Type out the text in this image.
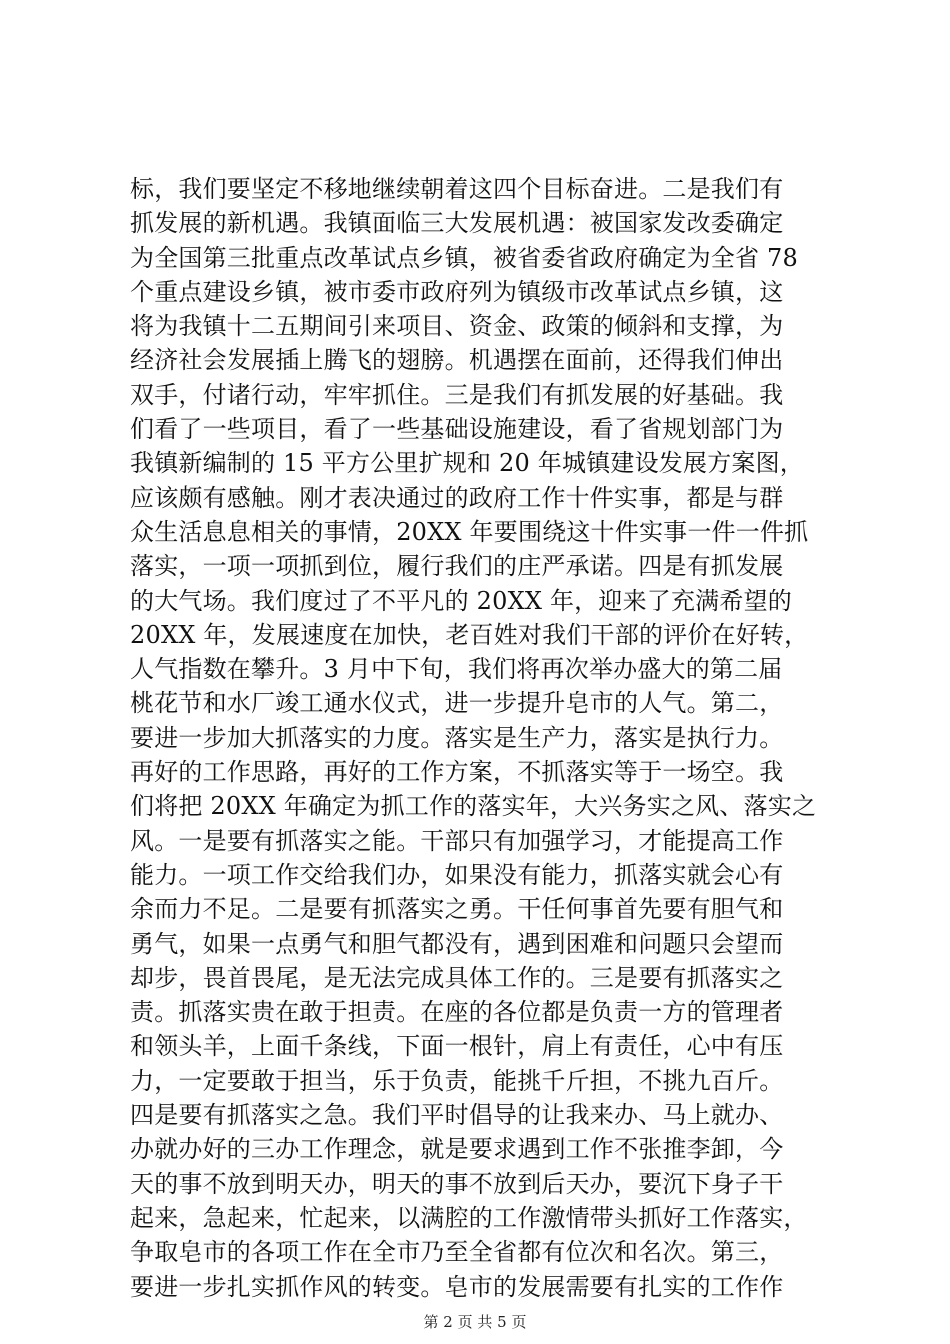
标，我们要坚定不移地继续朝着这四个目标奋进。二是我们有
抓发展的新机遇。我镇面临三大发展机遇：被国家发改委确定
为全国第三批重点改革试点乡镇，被省委省政府确定为全省 78
个重点建设乡镇，被市委市政府列为镇级市改革试点乡镇，这
将为我镇十二五期间引来项目、资金、政策的倾斜和支撑，为
经济社会发展插上腾飞的翅膀。机遇摆在面前，还得我们伸出
双手，付诸行动，牢牢抓住。三是我们有抓发展的好基础。我
们看了一些项目，看了一些基础设施建设，看了省规划部门为
我镇新编制的 15 平方公里扩规和 20 年城镇建设发展方案图，
应该颇有感触。刚才表决通过的政府工作十件实事，都是与群
众生活息息相关的事情，20XX 年要围绕这十件实事一件一件抓
落实，一项一项抓到位，履行我们的庄严承诺。四是有抓发展
的大气场。我们度过了不平凡的 20XX 年，迎来了充满希望的
20XX 年，发展速度在加快，老百姓对我们干部的评价在好转，
人气指数在攀升。3 月中下旬，我们将再次举办盛大的第二届
桃花节和水厂竣工通水仪式，进一步提升皂市的人气。第二，
要进一步加大抓落实的力度。落实是生产力，落实是执行力。
再好的工作思路，再好的工作方案，不抓落实等于一场空。我
们将把 20XX 年确定为抓工作的落实年，大兴务实之风、落实之
风。一是要有抓落实之能。干部只有加强学习，才能提高工作
能力。一项工作交给我们办，如果没有能力，抓落实就会心有
余而力不足。二是要有抓落实之勇。干任何事首先要有胆气和
勇气，如果一点勇气和胆气都没有，遇到困难和问题只会望而
却步，畏首畏尾，是无法完成具体工作的。三是要有抓落实之
责。抓落实贵在敢于担责。在座的各位都是负责一方的管理者
和领头羊，上面千条线，下面一根针，肩上有责任，心中有压
力，一定要敢于担当，乐于负责，能挑千斤担，不挑九百斤。
四是要有抓落实之急。我们平时倡导的让我来办、马上就办、
办就办好的三办工作理念，就是要求遇到工作不张推李卸，今
天的事不放到明天办，明天的事不放到后天办，要沉下身子干
起来，急起来，忙起来，以满腔的工作激情带头抓好工作落实，
争取皂市的各项工作在全市乃至全省都有位次和名次。第三，
要进一步扎实抓作风的转变。皂市的发展需要有扎实的工作作
第 2 页 共 5 页
